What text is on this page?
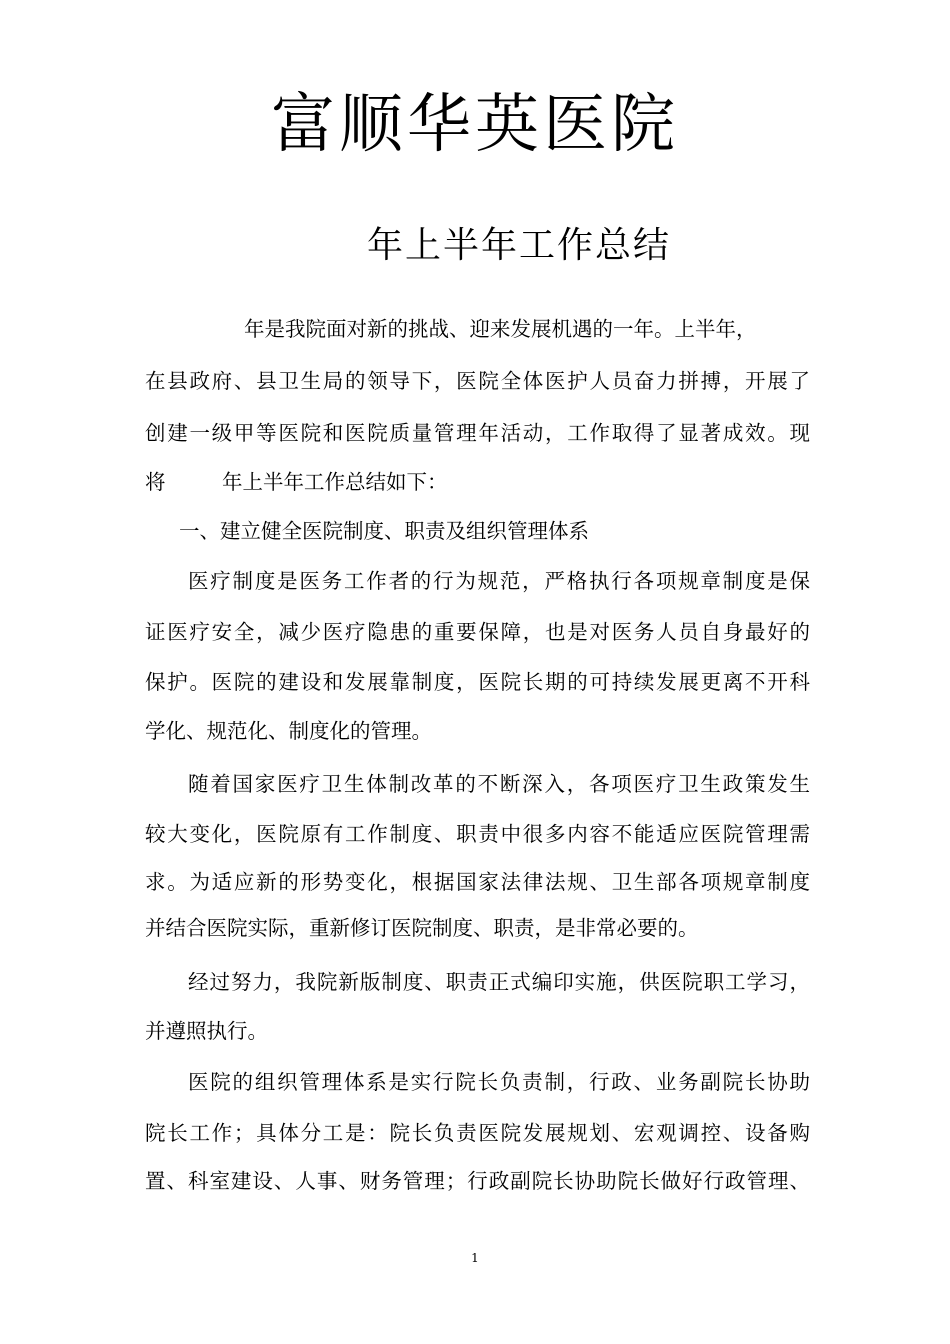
富顺华英医院
年上半年工作总结

年是我院面对新的挑战、迎来发展机遇的一年。上半年，

在县政府、县卫生局的领导下，医院全体医护人员奋力拼搏，开展了

创建一级甲等医院和医院质量管理年活动，工作取得了显著成效。现

将	年上半年工作总结如下：

一、建立健全医院制度、职责及组织管理体系

医疗制度是医务工作者的行为规范，严格执行各项规章制度是保

证医疗安全，减少医疗隐患的重要保障，也是对医务人员自身最好的

保护。医院的建设和发展靠制度，医院长期的可持续发展更离不开科

学化、规范化、制度化的管理。

随着国家医疗卫生体制改革的不断深入，各项医疗卫生政策发生

较大变化，医院原有工作制度、职责中很多内容不能适应医院管理需

求。为适应新的形势变化，根据国家法律法规、卫生部各项规章制度

并结合医院实际，重新修订医院制度、职责，是非常必要的。

经过努力，我院新版制度、职责正式编印实施，供医院职工学习，

并遵照执行。

医院的组织管理体系是实行院长负责制，行政、业务副院长协助

院长工作；具体分工是：院长负责医院发展规划、宏观调控、设备购

置、科室建设、人事、财务管理；行政副院长协助院长做好行政管理、

1
